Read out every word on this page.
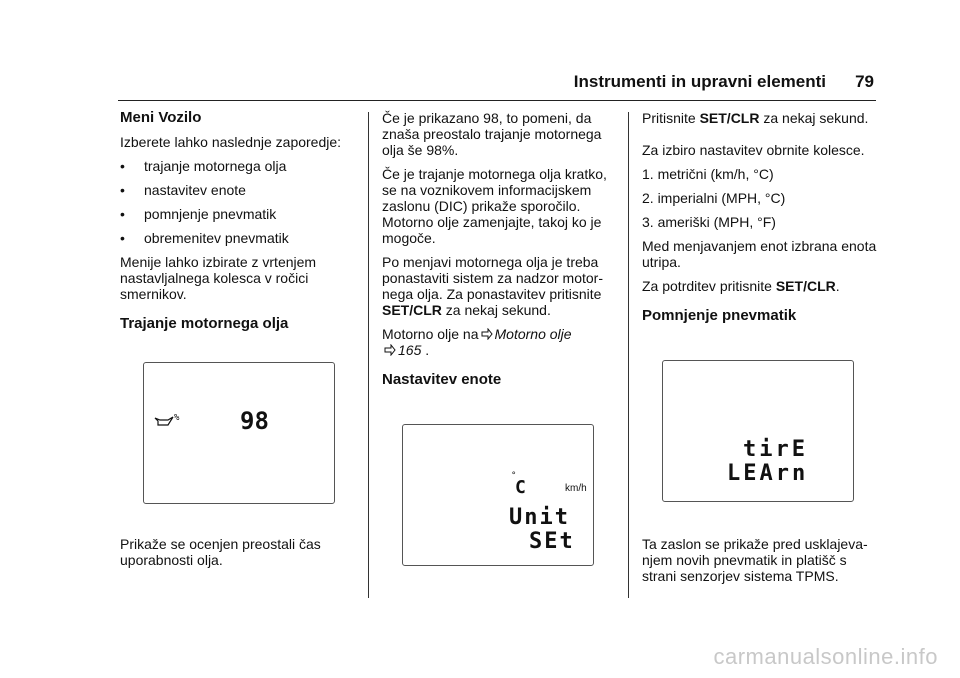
Instrumenti in upravni elementi 79
Meni Vozilo

Izberete lahko naslednje zaporedje:

•	trajanje motornega olja
•	nastavitev enote
•	pomnjenje pnevmatik
•	obremenitev pnevmatik

Menije lahko izbirate z vrtenjem nastavljalnega kolesca v ročici smernikov.

Trajanje motornega olja
%	98

Prikaže se ocenjen preostali čas uporabnosti olja.

Če je prikazano 98, to pomeni, da znaša preostalo trajanje motornega olja še 98%.

Če je trajanje motornega olja kratko, se na voznikovem informacijskem zaslonu (DIC) prikaže sporočilo. Motorno olje zamenjajte, takoj ko je mogoče.

Po menjavi motornega olja je treba ponastaviti sistem za nadzor motor-nega olja. Za ponastavitev pritisnite SET/CLR za nekaj sekund.

Motorno olje na Motorno olje
165 .

Nastavitev enote
°
C	km/h
Unit
SEt

Pritisnite SET/CLR za nekaj sekund.

Za izbiro nastavitev obrnite kolesce.

1. metrični (km/h, °C)

2. imperialni (MPH, °C)

3. ameriški (MPH, °F)

Med menjavanjem enot izbrana enota utripa.

Za potrditev pritisnite SET/CLR.

Pomnjenje pnevmatik
tirE
LEArn

Ta zaslon se prikaže pred usklajeva-njem novih pnevmatik in platišč s strani senzorjev sistema TPMS.

carmanualsonline.info
